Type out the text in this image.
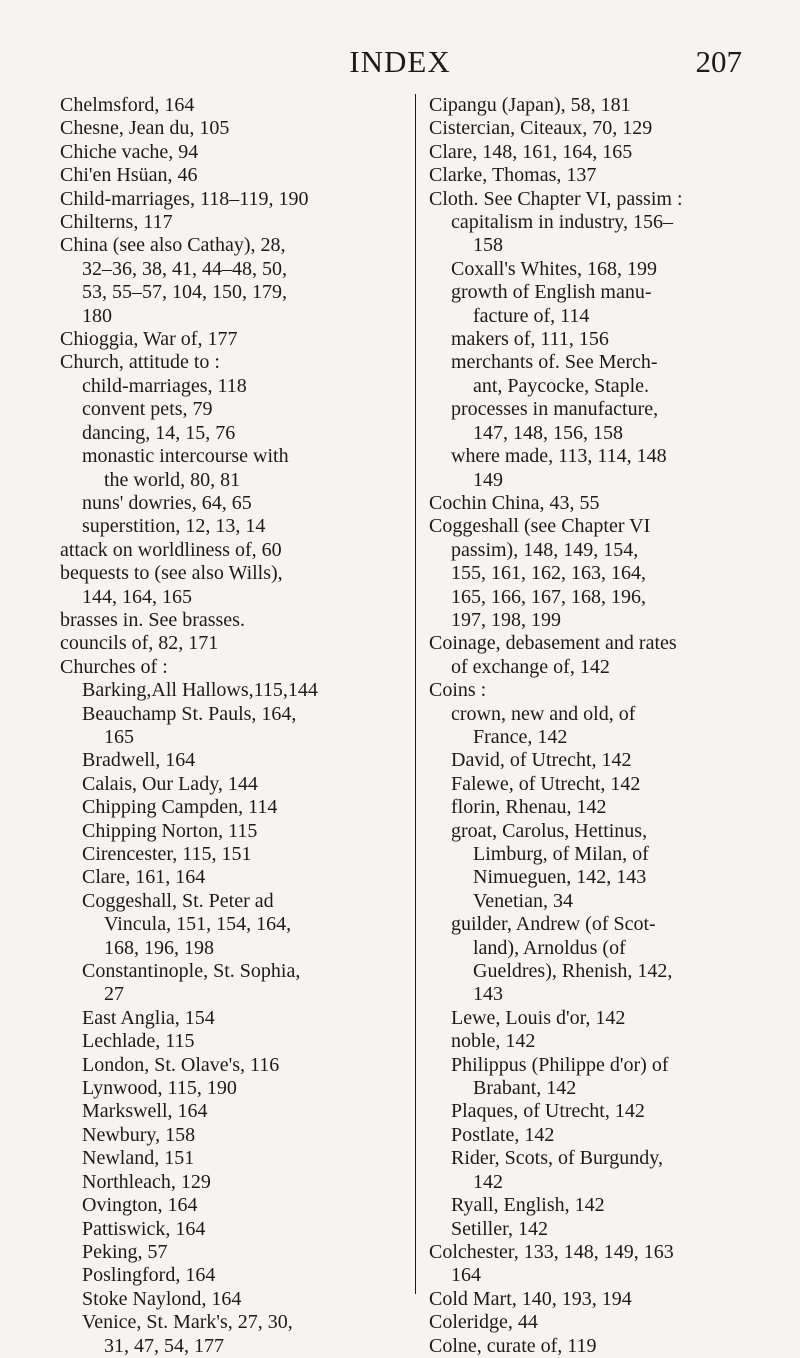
INDEX	207
Chelmsford, 164
Chesne, Jean du, 105
Chiche vache, 94
Chi'en Hsüan, 46
Child-marriages, 118–119, 190
Chilterns, 117
China (see also Cathay), 28,
32–36, 38, 41, 44–48, 50,
53, 55–57, 104, 150, 179,
180
Chioggia, War of, 177
Church, attitude to :
child-marriages, 118
convent pets, 79
dancing, 14, 15, 76
monastic intercourse with
the world, 80, 81
nuns' dowries, 64, 65
superstition, 12, 13, 14
attack on worldliness of, 60
bequests to (see also Wills),
144, 164, 165
brasses in. See brasses.
councils of, 82, 171
Churches of :
Barking,All Hallows,115,144
Beauchamp St. Pauls, 164,
165
Bradwell, 164
Calais, Our Lady, 144
Chipping Campden, 114
Chipping Norton, 115
Cirencester, 115, 151
Clare, 161, 164
Coggeshall, St. Peter ad
Vincula, 151, 154, 164,
168, 196, 198
Constantinople, St. Sophia,
27
East Anglia, 154
Lechlade, 115
London, St. Olave's, 116
Lynwood, 115, 190
Markswell, 164
Newbury, 158
Newland, 151
Northleach, 129
Ovington, 164
Pattiswick, 164
Peking, 57
Poslingford, 164
Stoke Naylond, 164
Venice, St. Mark's, 27, 30,
31, 47, 54, 177
Cipangu (Japan), 58, 181
Cistercian, Citeaux, 70, 129
Clare, 148, 161, 164, 165
Clarke, Thomas, 137
Cloth. See Chapter VI, passim :
capitalism in industry, 156–
158
Coxall's Whites, 168, 199
growth of English manu-
facture of, 114
makers of, 111, 156
merchants of. See Merch-
ant, Paycocke, Staple.
processes in manufacture,
147, 148, 156, 158
where made, 113, 114, 148
149
Cochin China, 43, 55
Coggeshall (see Chapter VI
passim), 148, 149, 154,
155, 161, 162, 163, 164,
165, 166, 167, 168, 196,
197, 198, 199
Coinage, debasement and rates
of exchange of, 142
Coins :
crown, new and old, of
France, 142
David, of Utrecht, 142
Falewe, of Utrecht, 142
florin, Rhenau, 142
groat, Carolus, Hettinus,
Limburg, of Milan, of
Nimueguen, 142, 143
Venetian, 34
guilder, Andrew (of Scot-
land), Arnoldus (of
Gueldres), Rhenish, 142,
143
Lewe, Louis d'or, 142
noble, 142
Philippus (Philippe d'or) of
Brabant, 142
Plaques, of Utrecht, 142
Postlate, 142
Rider, Scots, of Burgundy,
142
Ryall, English, 142
Setiller, 142
Colchester, 133, 148, 149, 163
164
Cold Mart, 140, 193, 194
Coleridge, 44
Colne, curate of, 119
